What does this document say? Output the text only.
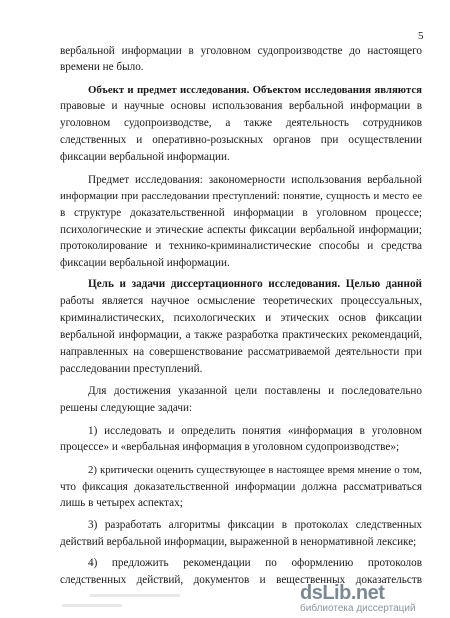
5
вербальной информации в уголовном судопроизводстве до настоящего
времени не было.
Объект и предмет исследования. Объектом исследования являются
правовые и научные основы использования вербальной информации в
уголовном судопроизводстве, а также деятельность сотрудников
следственных и оперативно-розыскных органов при осуществлении
фиксации вербальной информации.
Предмет исследования: закономерности использования вербальной
информации при расследовании преступлений: понятие, сущность и место ее
в структуре доказательственной информации в уголовном процессе;
психологические и этические аспекты фиксации вербальной информации;
протоколирование и технико-криминалистические способы и средства
фиксации вербальной информации.
Цель и задачи диссертационного исследования. Целью данной
работы является научное осмысление теоретических процессуальных,
криминалистических, психологических и этических основ фиксации
вербальной информации, а также разработка практических рекомендаций,
направленных на совершенствование рассматриваемой деятельности при
расследовании преступлений.
Для достижения указанной цели поставлены и последовательно
решены следующие задачи:
1) исследовать и определить понятия «информация в уголовном
процессе» и «вербальная информация в уголовном судопроизводстве»;
2) критически оценить существующее в настоящее время мнение о том,
что фиксация доказательственной информации должна рассматриваться
лишь в четырех аспектах;
3) разработать алгоритмы фиксации в протоколах следственных
действий вербальной информации, выраженной в ненормативной лексике;
4) предложить рекомендации по оформлению протоколов
следственных действий, документов и вещественных доказательств
dsLib.net
библиотека диссертаций
